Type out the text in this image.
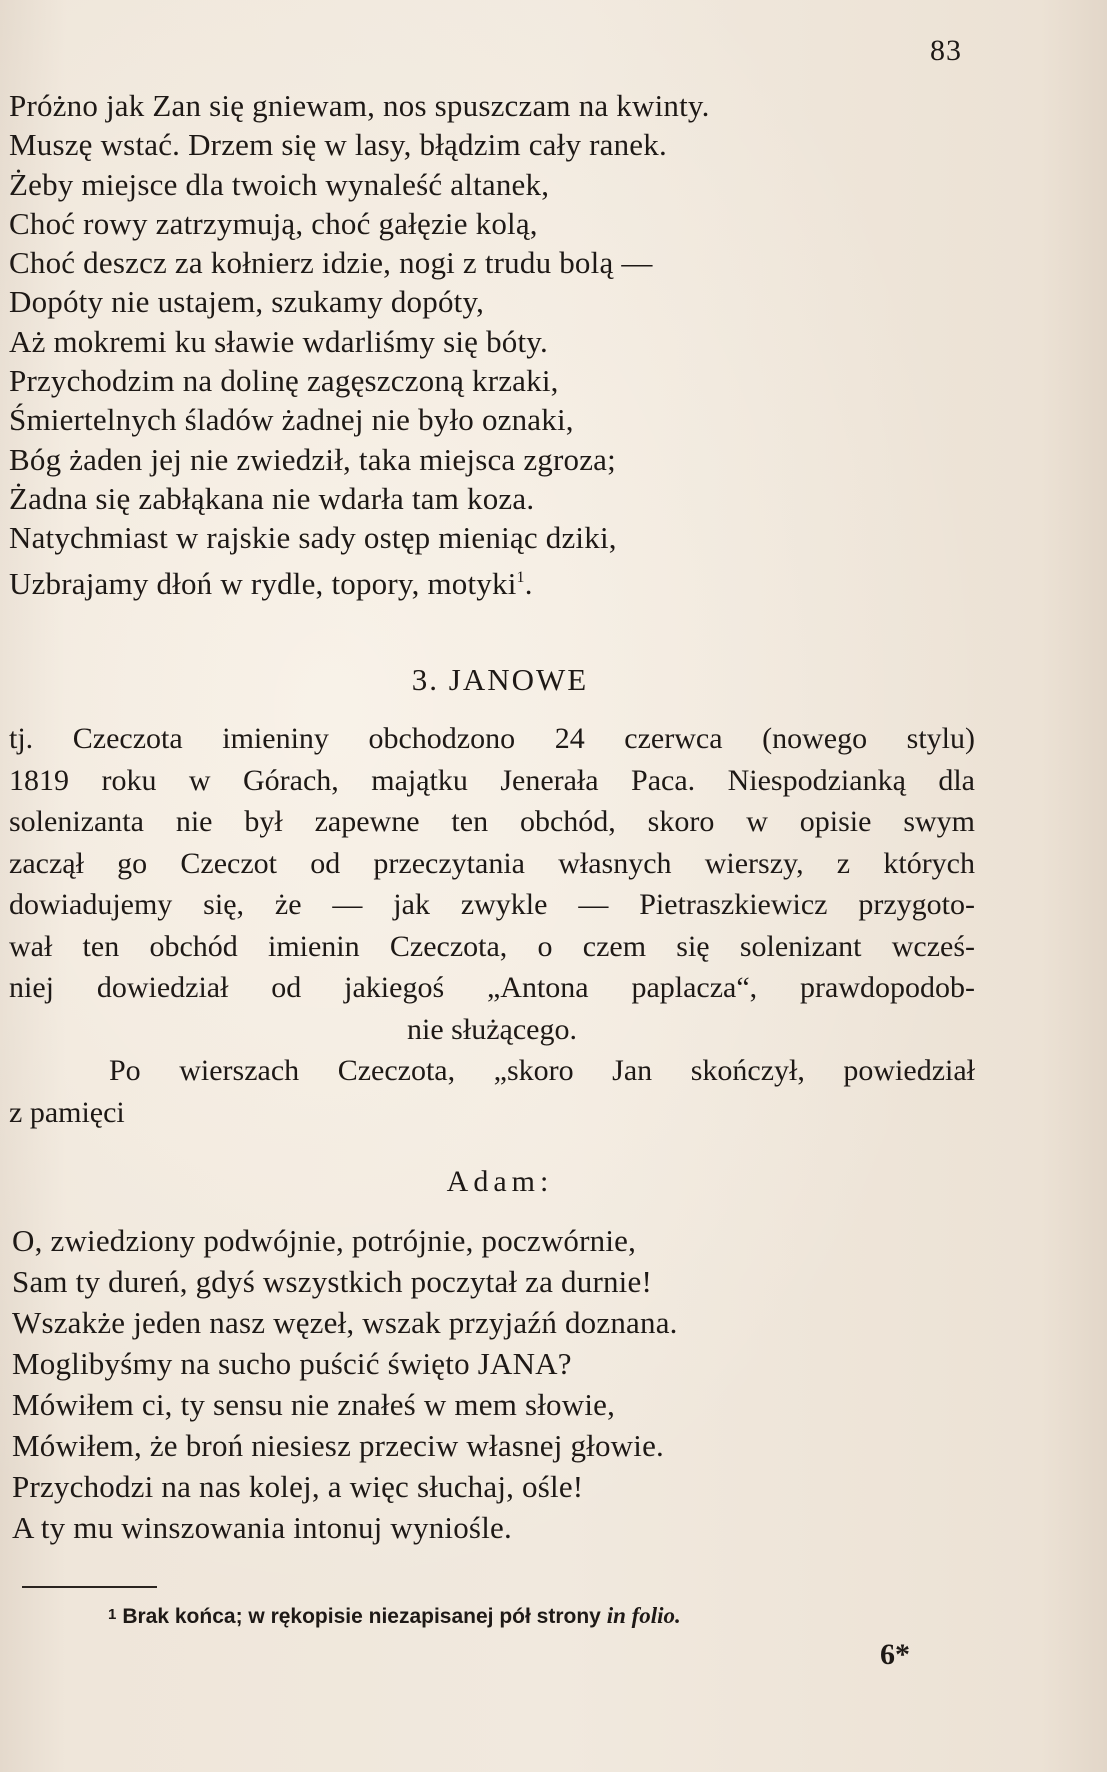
83
Próżno jak Zan się gniewam, nos spuszczam na kwinty.
Muszę wstać. Drzem się w lasy, błądzim cały ranek.
Żeby miejsce dla twoich wynaleść altanek,
Choć rowy zatrzymują, choć gałęzie kolą,
Choć deszcz za kołnierz idzie, nogi z trudu bolą —
Dopóty nie ustajem, szukamy dopóty,
Aż mokremi ku sławie wdarliśmy się bóty.
Przychodzim na dolinę zagęszczoną krzaki,
Śmiertelnych śladów żadnej nie było oznaki,
Bóg żaden jej nie zwiedził, taka miejsca zgroza;
Żadna się zabłąkana nie wdarła tam koza.
Natychmiast w rajskie sady ostęp mieniąc dziki,
Uzbrajamy dłoń w rydle, topory, motyki$^1$.
3. JANOWE
tj. Czeczota imieniny obchodzono 24 czerwca (nowego stylu)
1819 roku w Górach, majątku Jenerała Paca. Niespodzianką dla
solenizanta nie był zapewne ten obchód, skoro w opisie swym
zaczął go Czeczot od przeczytania własnych wierszy, z których
dowiadujemy się, że — jak zwykle — Pietraszkiewicz przygoto-
wał ten obchód imienin Czeczota, o czem się solenizant wcześ-
niej dowiedział od jakiegoś „Antona paplacza“, prawdopodob-
nie służącego.
Po wierszach Czeczota, „skoro Jan skończył, powiedział
z pamięci
Adam:
O, zwiedziony podwójnie, potrójnie, poczwórnie,
Sam ty dureń, gdyś wszystkich poczytał za durnie!
Wszakże jeden nasz węzeł, wszak przyjaźń doznana.
Moglibyśmy na sucho puścić święto JANA?
Mówiłem ci, ty sensu nie znałeś w mem słowie,
Mówiłem, że broń niesiesz przeciw własnej głowie.
Przychodzi na nas kolej, a więc słuchaj, ośle!
A ty mu winszowania intonuj wyniośle.
1 Brak końca; w rękopisie niezapisanej pół strony in folio.
6*
